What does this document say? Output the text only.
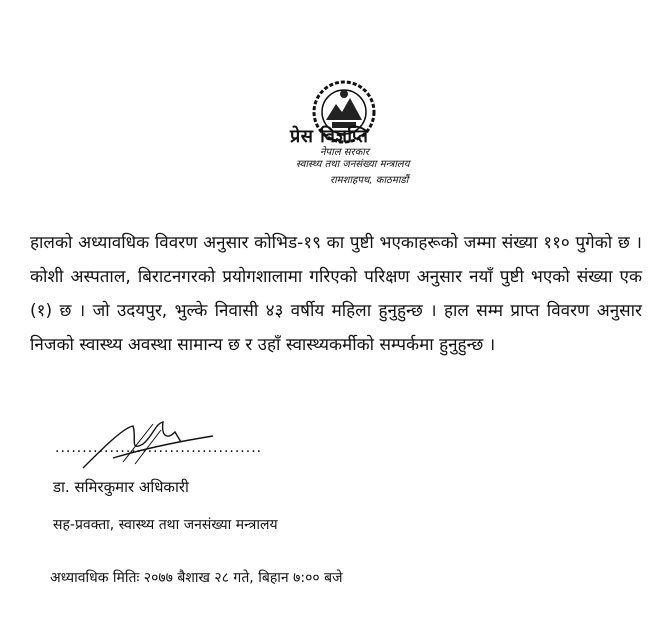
प्रेस विज्ञप्ति
नेपाल सरकार
स्वास्थ्य तथा जनसंख्या मन्त्रालय
रामशाहपथ, काठमाडौं
हालको अध्यावधिक विवरण अनुसार कोभिड-१९ का पुष्टी भएकाहरूको जम्मा संख्या ११० पुगेको छ । कोशी अस्पताल, बिराटनगरको प्रयोगशालामा गरिएको परिक्षण अनुसार नयाँ पुष्टी भएको संख्या एक (१) छ । जो उदयपुर, भुल्के निवासी ४३ वर्षीय महिला हुनुहुन्छ । हाल सम्म प्राप्त विवरण अनुसार निजको स्वास्थ्य अवस्था सामान्य छ र उहाँ स्वास्थ्यकर्मीको सम्पर्कमा हुनुहुन्छ ।
......................................
डा. समिरकुमार अधिकारी
सह-प्रवक्ता, स्वास्थ्य तथा जनसंख्या मन्त्रालय
अध्यावधिक मितिः २०७७ बैशाख २८ गते, बिहान ७:०० बजे
